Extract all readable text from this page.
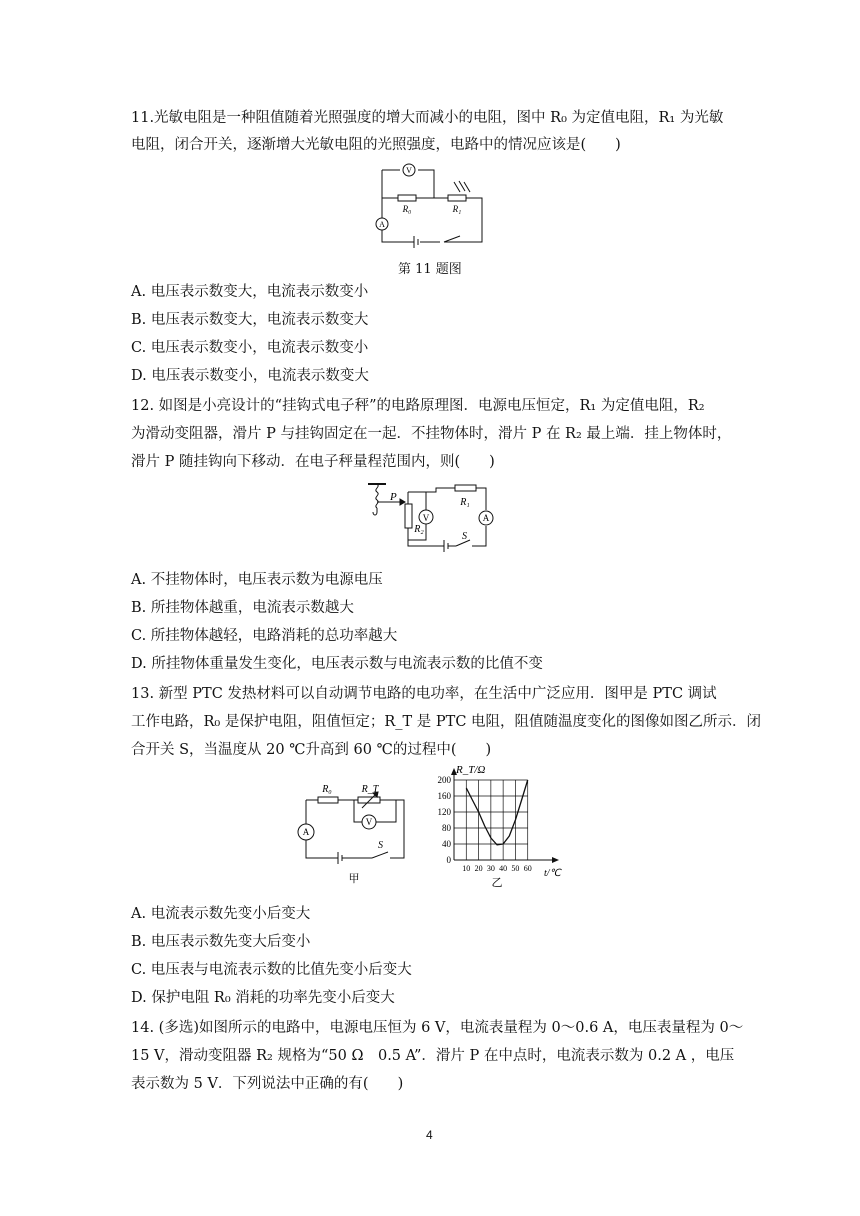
11.光敏电阻是一种阻值随着光照强度的增大而减小的电阻，图中 R₀ 为定值电阻，R₁ 为光敏
电阻，闭合开关，逐渐增大光敏电阻的光照强度，电路中的情况应该是(　　)
V
A
R₀	R₁
第 11 题图
A. 电压表示数变大，电流表示数变小
B. 电压表示数变大，电流表示数变大
C. 电压表示数变小，电流表示数变小
D. 电压表示数变小，电流表示数变大
12. 如图是小亮设计的“挂钩式电子秤”的电路原理图．电源电压恒定，R₁ 为定值电阻，R₂
为滑动变阻器，滑片 P 与挂钩固定在一起．不挂物体时，滑片 P 在 R₂ 最上端．挂上物体时，
滑片 P 随挂钩向下移动．在电子秤量程范围内，则(　　)
P	R₁
R₂
V	A
S
A. 不挂物体时，电压表示数为电源电压
B. 所挂物体越重，电流表示数越大
C. 所挂物体越轻，电路消耗的总功率越大
D. 所挂物体重量发生变化，电压表示数与电流表示数的比值不变
13. 新型 PTC 发热材料可以自动调节电路的电功率，在生活中广泛应用．图甲是 PTC 调试
工作电路，R₀ 是保护电阻，阻值恒定；R_T 是 PTC 电阻，阻值随温度变化的图像如图乙所示．闭
合开关 S，当温度从 20 ℃升高到 60 ℃的过程中(　　)
R₀	R_T
V
A
S
甲
200
160
120
80
40
0
10 20 30 40 50 60
R_T/Ω
t/℃
乙
A. 电流表示数先变小后变大
B. 电压表示数先变大后变小
C. 电压表与电流表示数的比值先变小后变大
D. 保护电阻 R₀ 消耗的功率先变小后变大
14. (多选)如图所示的电路中，电源电压恒为 6 V，电流表量程为 0～0.6 A，电压表量程为 0～
15 V，滑动变阻器 R₂ 规格为“50 Ω　0.5 A”．滑片 P 在中点时，电流表示数为 0.2 A ，电压
表示数为 5 V．下列说法中正确的有(　　)
4
